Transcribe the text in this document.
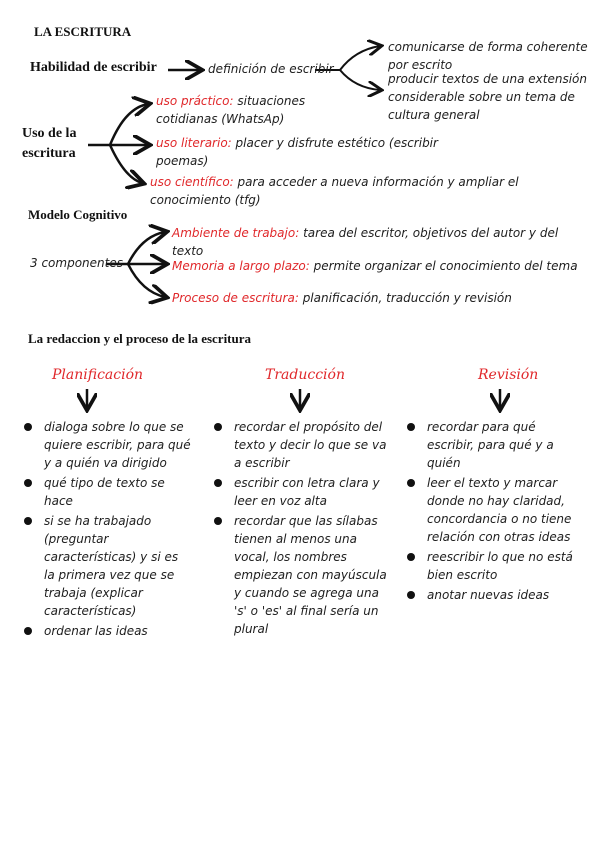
LA ESCRITURA
Habilidad de escribir	definición de escribir
comunicarse de forma coherente por escrito
producir textos de una extensión considerable sobre un tema de cultura general
Uso de la
escritura
uso práctico: situaciones cotidianas (WhatsAp)
uso literario: placer y disfrute estético (escribir poemas)
uso científico: para acceder a nueva información y ampliar el conocimiento (tfg)
Modelo Cognitivo
3 componentes
Ambiente de trabajo: tarea del escritor, objetivos del autor y del texto
Memoria a largo plazo: permite organizar el conocimiento del tema
Proceso de escritura: planificación, traducción y revisión
La redaccion y el proceso de la escritura
Planificación	Traducción	Revisión
dialoga sobre lo que se quiere escribir, para qué y a quién va dirigido
qué tipo de texto se hace
si se ha trabajado (preguntar características) y si es la primera vez que se trabaja (explicar características)
ordenar las ideas
recordar el propósito del texto y decir lo que se va a escribir
escribir con letra clara y leer en voz alta
recordar que las sílabas tienen al menos una vocal, los nombres empiezan con mayúscula y cuando se agrega una 's' o 'es' al final sería un plural
recordar para qué escribir, para qué y a quién
leer el texto y marcar donde no hay claridad, concordancia o no tiene relación con otras ideas
reescribir lo que no está bien escrito
anotar nuevas ideas
